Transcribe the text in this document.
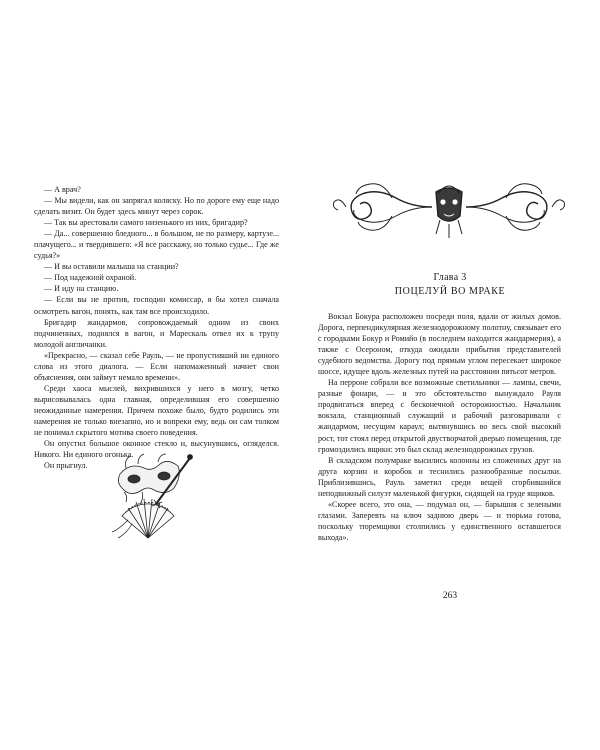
— А врач?

— Мы видели, как он запрягал коляску. Но по дороге ему еще надо сделать визит. Он будет здесь минут через сорок.

— Так вы арестовали самого низенького из них, бригадир?

— Да... совершенно бледного... в большом, не по размеру, картузе... плачущего... и твердившего: «Я все расскажу, но только судье... Где же судья?»

— И вы оставили малыша на станции?

— Под надежной охраной.

— И иду на станцию.

— Если вы не против, господин комиссар, я бы хотел сначала осмотреть вагон, понять, как там все происходило.

Бригадир жандармов, сопровождаемый одним из своих подчиненных, поднялся в вагон, и Марескаль отвел их к трупу молодой англичанки.

«Прекрасно, — сказал себе Рауль, — не пропустивший ни единого слова из этого диалога. — Если напомаженный начнет свои объяснения, они займут немало времени».

Среди хаоса мыслей, вихрившихся у него в мозгу, четко вырисовывалась одна главная, определившая его совершенно неожиданные намерения. Причем похоже было, будто родились эти намерения не только внезапно, но и вопреки ему, ведь он сам толком не понимал скрытого мотива своего поведения.

Он опустил большое оконное стекло и, высунувшись, огляделся. Никого. Ни единого огонька.

Он прыгнул.

Глава 3
ПОЦЕЛУЙ ВО МРАКЕ

Вокзал Бокура расположен посреди поля, вдали от жилых домов. Дорога, перпендикулярная железнодорожному полотну, связывает его с городками Бокур и Ромийо (в последнем находится жандармерия), а также с Осероном, откуда ожидали прибытия представителей судебного ведомства. Дорогу под прямым углом пересекает широкое шоссе, идущее вдоль железных путей на расстоянии пятьсот метров.

На перроне собрали все возможные светильники — лампы, свечи, разные фонари, — и это обстоятельство вынуждало Рауля продвигаться вперед с бесконечной осторожностью. Начальник вокзала, станционный служащий и рабочий разговаривали с жандармом, несущим караул; вытянувшись во весь свой высокий рост, тот стоял перед открытой двустворчатой дверью помещения, где громоздились ящики: это был склад железнодорожных грузов.

В складском полумраке высились колонны из сложенных друг на друга корзин и коробок и теснились разнообразные посылки. Приблизившись, Рауль заметил среди вещей сгорбившийся неподвижный силуэт маленькой фигурки, сидящей на груде ящиков.

«Скорее всего, это она, — подумал он, — барышня с зелеными глазами. Заперевть на ключ заднюю дверь — и тюрьма готова, поскольку тюремщики столпились у единственного оставшегося выхода».

263
